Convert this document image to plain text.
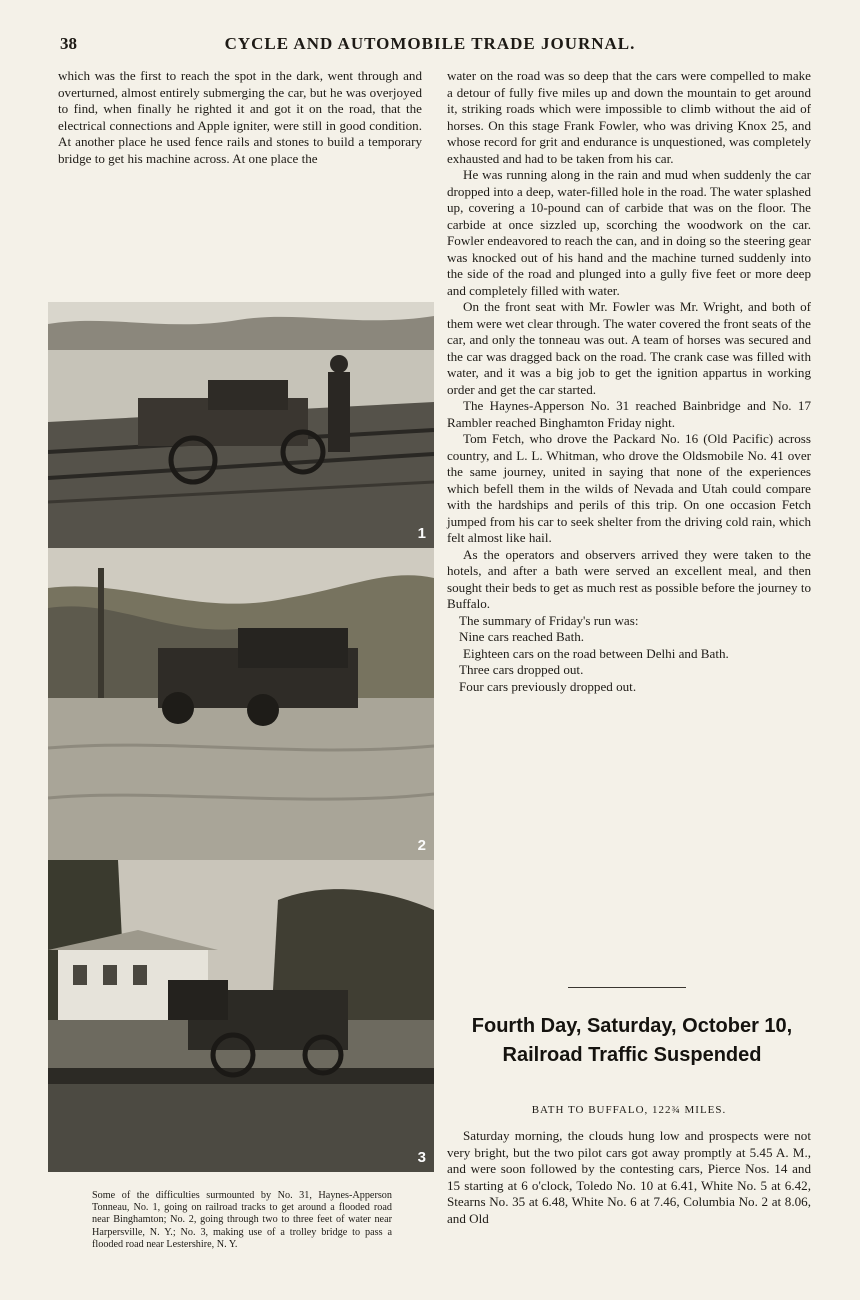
38	CYCLE AND AUTOMOBILE TRADE JOURNAL.

which was the first to reach the spot in the dark, went through and overturned, almost entirely submerging the car, but he was overjoyed to find, when finally he righted it and got it on the road, that the electrical connections and Apple igniter, were still in good condition. At another place he used fence rails and stones to build a temporary bridge to get his machine across. At one place the

1
2
3
Some of the difficulties surmounted by No. 31, Haynes-Apperson Tonneau, No. 1, going on railroad tracks to get around a flooded road near Binghamton; No. 2, going through two to three feet of water near Harpersville, N. Y.; No. 3, making use of a trolley bridge to pass a flooded road near Lestershire, N. Y.

water on the road was so deep that the cars were compelled to make a detour of fully five miles up and down the mountain to get around it, striking roads which were impossible to climb without the aid of horses. On this stage Frank Fowler, who was driving Knox 25, and whose record for grit and endurance is unquestioned, was completely exhausted and had to be taken from his car.

He was running along in the rain and mud when suddenly the car dropped into a deep, water-filled hole in the road. The water splashed up, covering a 10-pound can of carbide that was on the floor. The carbide at once sizzled up, scorching the woodwork on the car. Fowler endeavored to reach the can, and in doing so the steering gear was knocked out of his hand and the machine turned suddenly into the side of the road and plunged into a gully five feet or more deep and completely filled with water.

On the front seat with Mr. Fowler was Mr. Wright, and both of them were wet clear through. The water covered the front seats of the car, and only the tonneau was out. A team of horses was secured and the car was dragged back on the road. The crank case was filled with water, and it was a big job to get the ignition appartus in working order and get the car started.

The Haynes-Apperson No. 31 reached Bainbridge and No. 17 Rambler reached Binghamton Friday night.

Tom Fetch, who drove the Packard No. 16 (Old Pacific) across country, and L. L. Whitman, who drove the Oldsmobile No. 41 over the same journey, united in saying that none of the experiences which befell them in the wilds of Nevada and Utah could compare with the hardships and perils of this trip. On one occasion Fetch jumped from his car to seek shelter from the driving cold rain, which felt almost like hail.

As the operators and observers arrived they were taken to the hotels, and after a bath were served an excellent meal, and then sought their beds to get as much rest as possible before the journey to Buffalo.

The summary of Friday's run was:

Nine cars reached Bath.

Eighteen cars on the road between Delhi and Bath.

Three cars dropped out.

Four cars previously dropped out.

Fourth Day, Saturday, October 10, Railroad Traffic Suspended
BATH TO BUFFALO, 122¾ MILES.

Saturday morning, the clouds hung low and prospects were not very bright, but the two pilot cars got away promptly at 5.45 A. M., and were soon followed by the contesting cars, Pierce Nos. 14 and 15 starting at 6 o'clock, Toledo No. 10 at 6.41, White No. 5 at 6.42, Stearns No. 35 at 6.48, White No. 6 at 7.46, Columbia No. 2 at 8.06, and Old
